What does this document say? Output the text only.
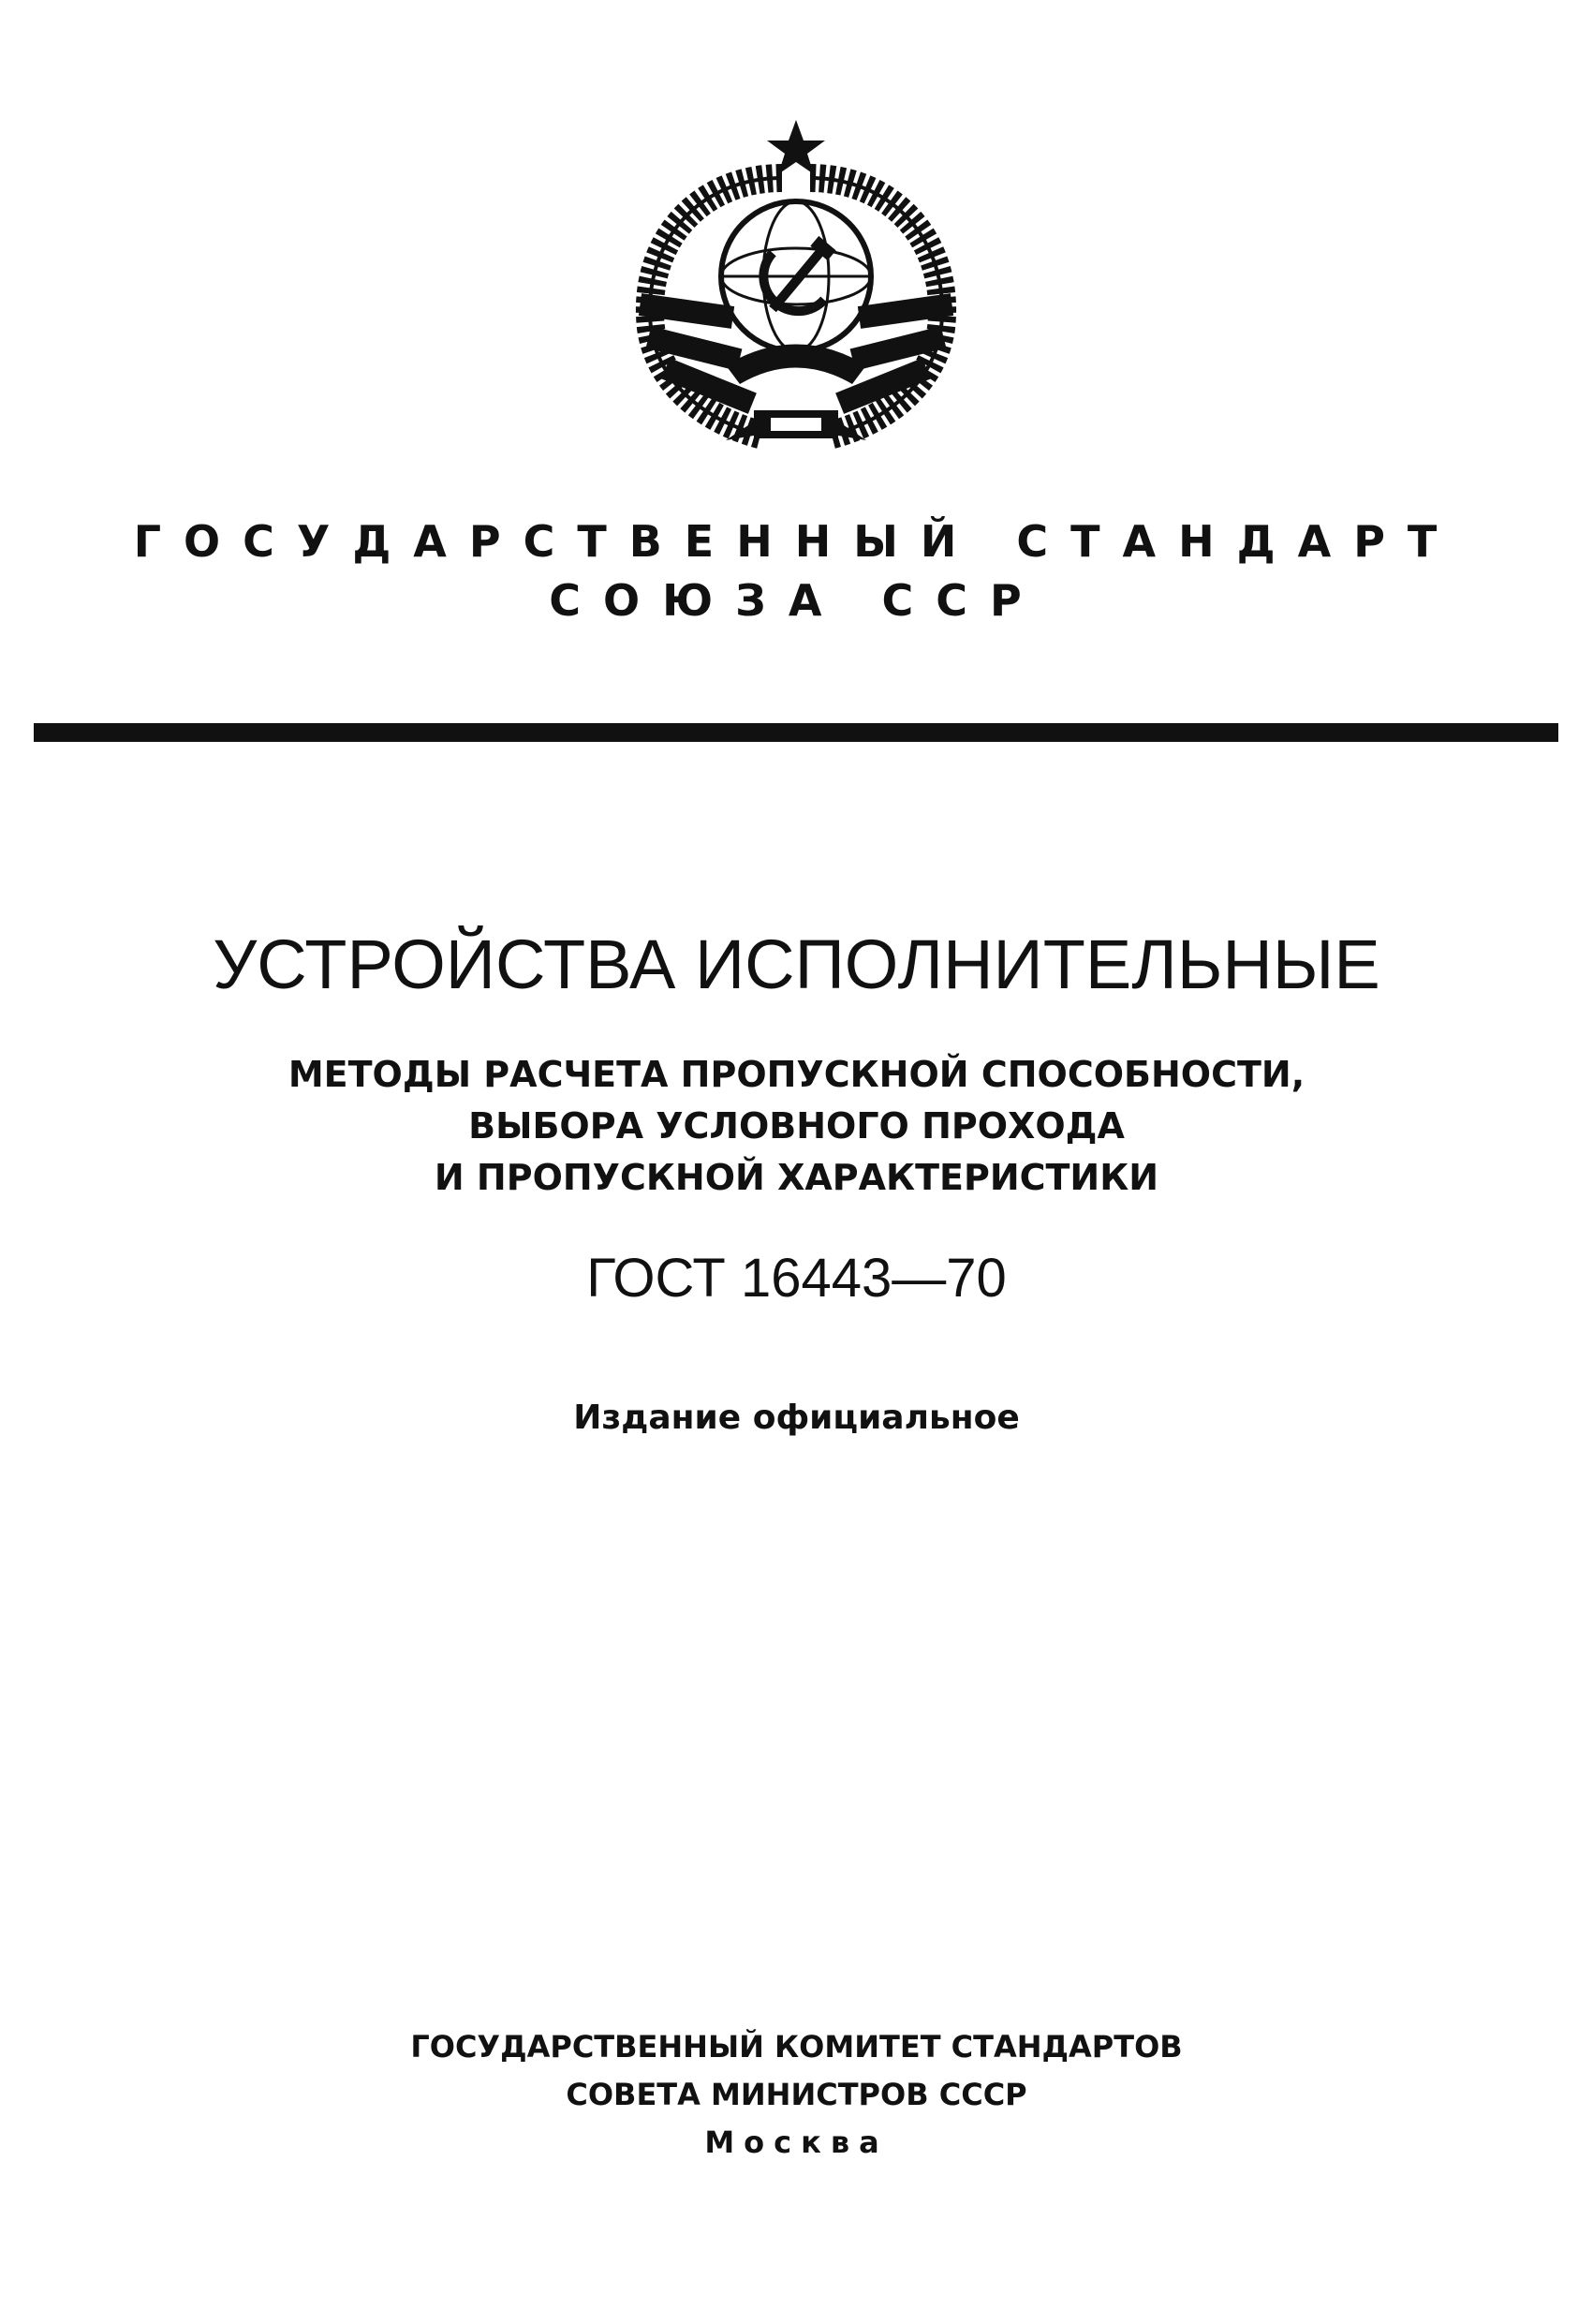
ГОСУДАРСТВЕННЫЙ СТАНДАРТ
СОЮЗА ССР
УСТРОЙСТВА ИСПОЛНИТЕЛЬНЫЕ

МЕТОДЫ РАСЧЕТА ПРОПУСКНОЙ СПОСОБНОСТИ,
ВЫБОРА УСЛОВНОГО ПРОХОДА
И ПРОПУСКНОЙ ХАРАКТЕРИСТИКИ

ГОСТ 16443—70

Издание официальное

ГОСУДАРСТВЕННЫЙ КОМИТЕТ СТАНДАРТОВ
СОВЕТА МИНИСТРОВ СССР
Москва
